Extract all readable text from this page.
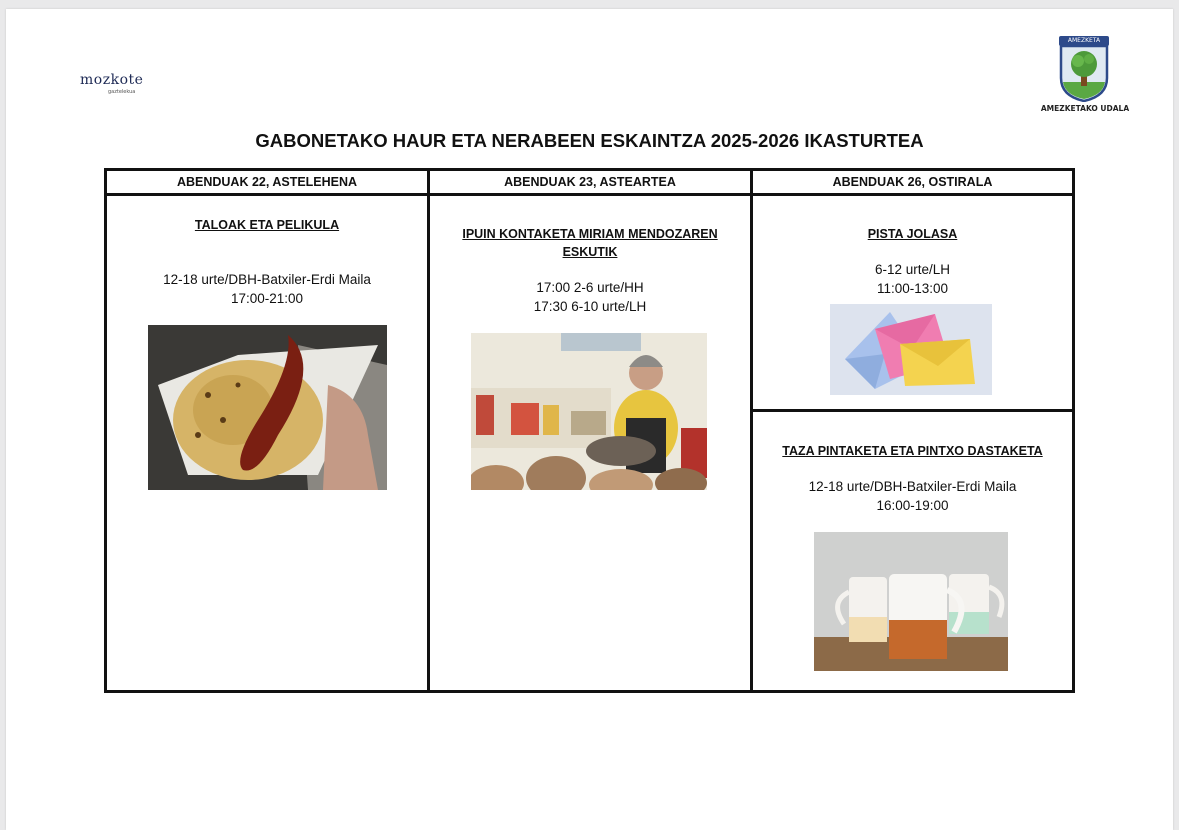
mozkote
gaztelekua
AMEZKETA
AMEZKETAKO UDALA
GABONETAKO HAUR ETA NERABEEN ESKAINTZA 2025-2026 IKASTURTEA
ABENDUAK 22, ASTELEHENA	ABENDUAK 23, ASTEARTEA	ABENDUAK 26, OSTIRALA
TALOAK ETA PELIKULA
12-18 urte/DBH-Batxiler-Erdi Maila
17:00-21:00
IPUIN KONTAKETA MIRIAM MENDOZAREN
ESKUTIK
17:00 2-6 urte/HH
17:30 6-10 urte/LH
PISTA JOLASA
6-12 urte/LH
11:00-13:00
TAZA PINTAKETA ETA PINTXO DASTAKETA
12-18 urte/DBH-Batxiler-Erdi Maila
16:00-19:00
